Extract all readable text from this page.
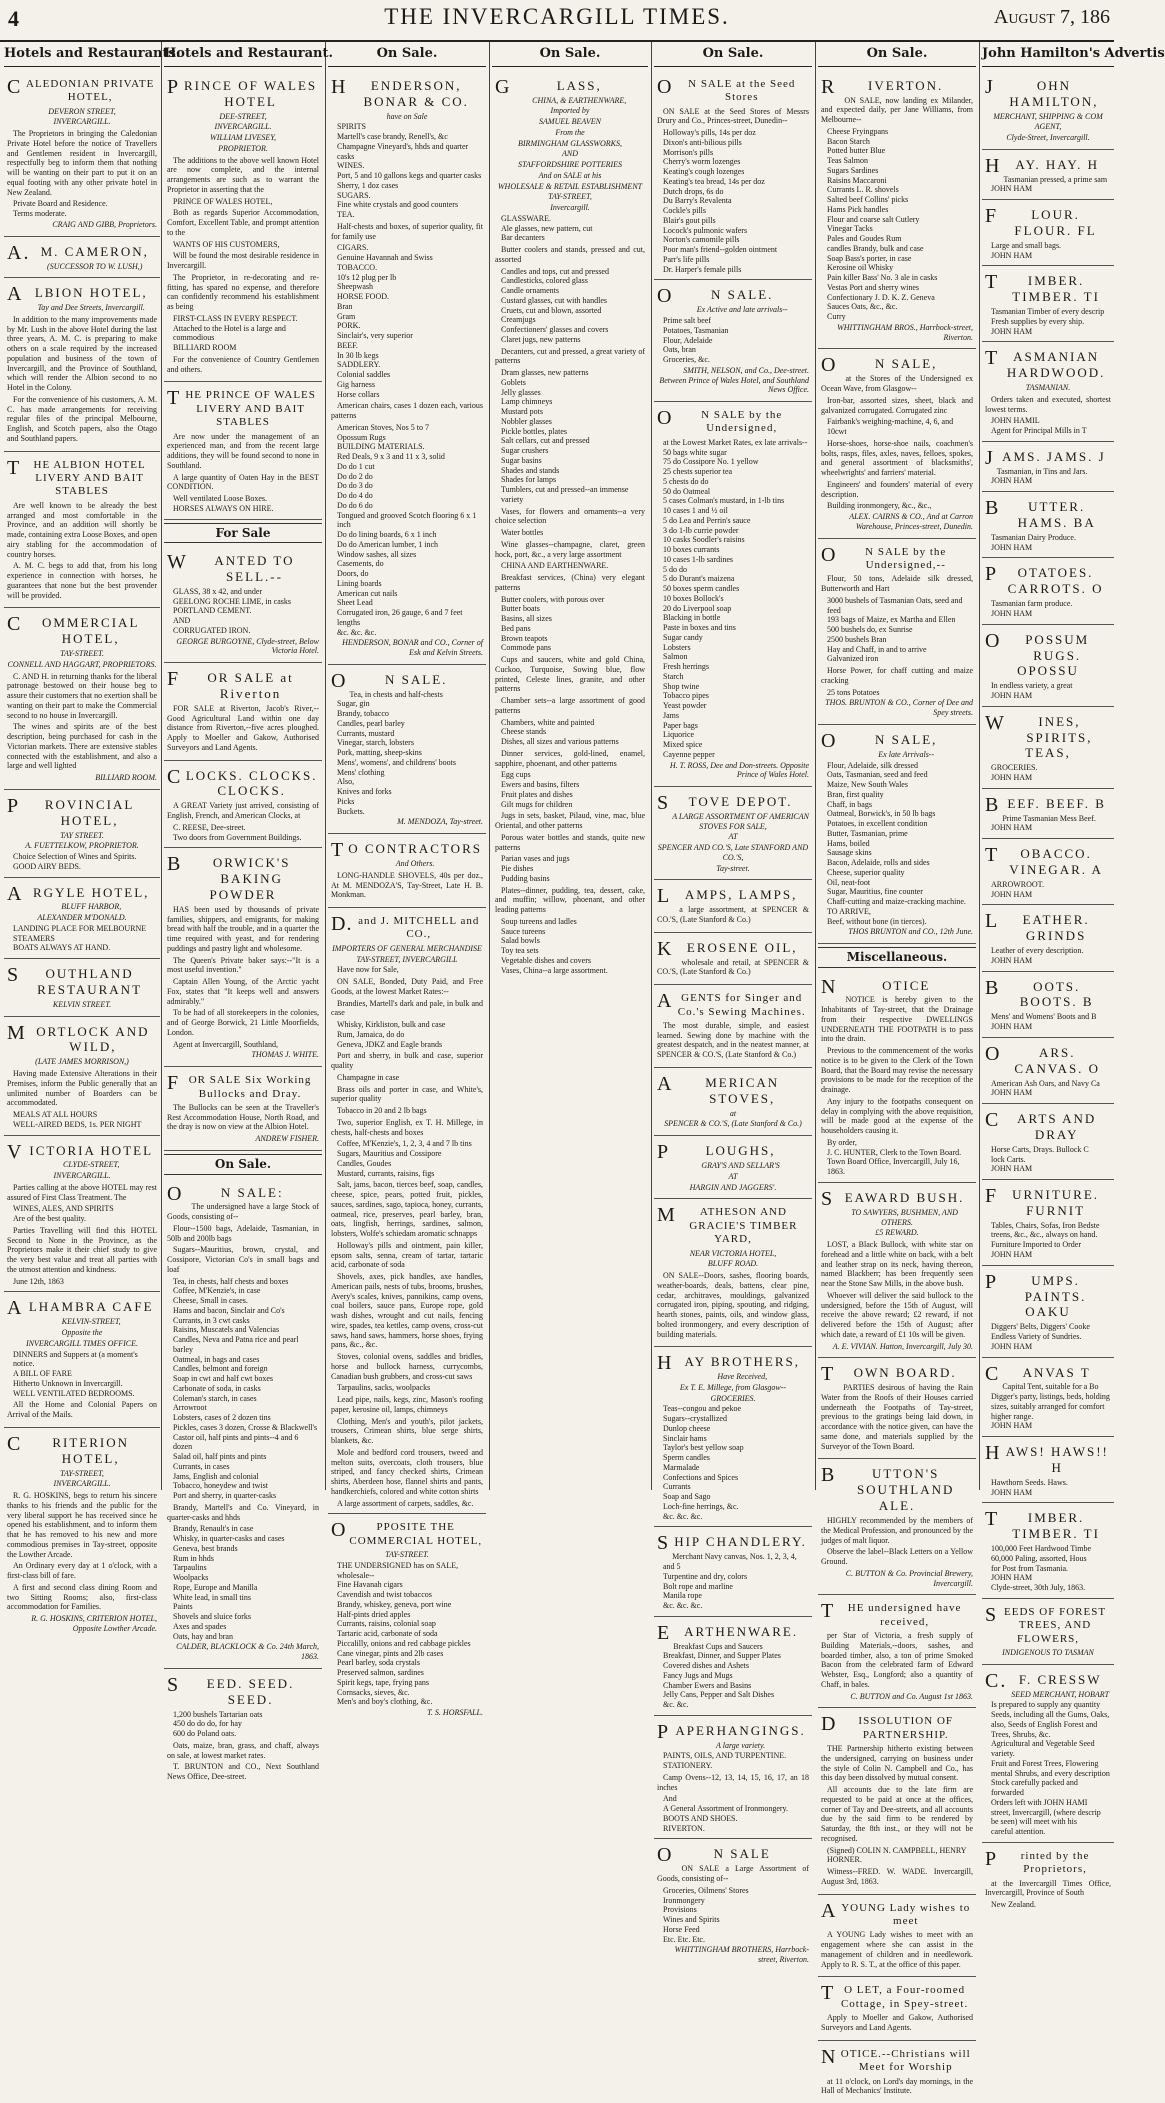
4	THE INVERCARGILL TIMES.	August 7, 186
Hotels and Restaurants.
CALEDONIAN PRIVATE HOTEL,
DEVERON STREET,
INVERCARGILL.
The Proprietors in bringing the Caledonian Private Hotel before the notice of Travellers and Gentlemen resident in Invercargill, respectfully beg to inform them that nothing will be wanting on their part to put it on an equal footing with any other private hotel in New Zealand.
Private Board and Residence.
Terms moderate.
CRAIG AND GIBB, Proprietors.
A.M. CAMERON,
(SUCCESSOR TO W. LUSH,)
ALBION HOTEL,
Tay and Dee Streets, Invercargill.
In addition to the many improvements made by Mr. Lush in the above Hotel during the last three years, A. M. C. is preparing to make others on a scale required by the increased population and business of the town of Invercargill, and the Province of Southland, which will render the Albion second to no Hotel in the Colony.
For the convenience of his customers, A. M. C. has made arrangements for receiving regular files of the principal Melbourne, English, and Scotch papers, also the Otago and Southland papers.
THE ALBION HOTEL LIVERY AND BAIT STABLES
Are well known to be already the best arranged and most comfortable in the Province, and an addition will shortly be made, containing extra Loose Boxes, and open airy stabling for the accommodation of country horses.
A. M. C. begs to add that, from his long experience in connection with horses, he guarantees that none but the best provender will be provided.
COMMERCIAL HOTEL,
TAY-STREET.
CONNELL AND HAGGART, PROPRIETORS.
C. AND H. in returning thanks for the liberal patronage bestowed on their house beg to assure their customers that no exertion shall be wanting on their part to make the Commercial second to no house in Invercargill.
The wines and spirits are of the best description, being purchased for cash in the Victorian markets. There are extensive stables connected with the establishment, and also a large and well lighted
BILLIARD ROOM.
PROVINCIAL HOTEL,
TAY STREET.
A. FUETTELKOW, PROPRIETOR.
Choice Selection of Wines and Spirits.
GOOD AIRY BEDS.
ARGYLE HOTEL,
BLUFF HARBOR,
ALEXANDER M'DONALD.
LANDING PLACE FOR MELBOURNE STEAMERS
BOATS ALWAYS AT HAND.
SOUTHLAND RESTAURANT
KELVIN STREET.
MORTLOCK AND WILD,
(LATE JAMES MORRISON,)
Having made Extensive Alterations in their Premises, inform the Public generally that an unlimited number of Boarders can be accommodated.
MEALS AT ALL HOURS
WELL-AIRED BEDS, 1s. PER NIGHT
VICTORIA HOTEL
CLYDE-STREET,
INVERCARGILL.
Parties calling at the above HOTEL may rest assured of First Class Treatment. The
WINES, ALES, AND SPIRITS
Are of the best quality.
Parties Travelling will find this HOTEL Second to None in the Province, as the Proprietors make it their chief study to give the very best value and treat all parties with the utmost attention and kindness.
June 12th, 1863
ALHAMBRA CAFE
KELVIN-STREET,
Opposite the
INVERCARGILL TIMES OFFICE.
DINNERS and Suppers at (a moment's notice.
A BILL OF FARE
Hitherto Unknown in Invercargill.
WELL VENTILATED BEDROOMS.
All the Home and Colonial Papers on Arrival of the Mails.
CRITERION HOTEL,
TAY-STREET,
INVERCARGILL.
R. G. HOSKINS, begs to return his sincere thanks to his friends and the public for the very liberal support he has received since he opened his establishment, and to inform them that he has removed to his new and more commodious premises in Tay-street, opposite the Lowther Arcade.
An Ordinary every day at 1 o'clock, with a first-class bill of fare.
A first and second class dining Room and two Sitting Rooms; also, first-class accommodation for Families.
R. G. HOSKINS, CRITERION HOTEL, Opposite Lowther Arcade.
Hotels and Restaurant.
PRINCE OF WALES HOTEL
DEE-STREET,
INVERCARGILL.
WILLIAM LIVESEY,
PROPRIETOR.
The additions to the above well known Hotel are now complete, and the internal arrangements are such as to warrant the Proprietor in asserting that the
PRINCE OF WALES HOTEL,
Both as regards Superior Accommodation, Comfort, Excellent Table, and prompt attention to the
WANTS OF HIS CUSTOMERS,
Will be found the most desirable residence in Invercargill.
The Proprietor, in re-decorating and re-fitting, has spared no expense, and therefore can confidently recommend his establishment as being
FIRST-CLASS IN EVERY RESPECT.
Attached to the Hotel is a large and commodious
BILLIARD ROOM
For the convenience of Country Gentlemen and others.
THE PRINCE OF WALES LIVERY AND BAIT STABLES
Are now under the management of an experienced man, and from the recent large additions, they will be found second to none in Southland.
A large quantity of Oaten Hay in the BEST CONDITION.
Well ventilated Loose Boxes.
HORSES ALWAYS ON HIRE.
For Sale
WANTED TO SELL.--
GLASS, 38 x 42, and under
GEELONG ROCHE LIME, in casks
PORTLAND CEMENT.
AND
CORRUGATED IRON.
GEORGE BURGOYNE, Clyde-street, Below Victoria Hotel.
FOR SALE at Riverton
FOR SALE at Riverton, Jacob's River,--Good Agricultural Land within one day distance from Riverton,--five acres ploughed. Apply to Moeller and Gakow, Authorised Surveyors and Land Agents.
CLOCKS. CLOCKS. CLOCKS.
A GREAT Variety just arrived, consisting of English, French, and American Clocks, at
C. REESE, Dee-street.
Two doors from Government Buildings.
BORWICK'S BAKING POWDER
HAS been used by thousands of private families, shippers, and emigrants, for making bread with half the trouble, and in a quarter the time required with yeast, and for rendering puddings and pastry light and wholesome.
The Queen's Private baker says:--"It is a most useful invention."
Captain Allen Young, of the Arctic yacht Fox, states that "It keeps well and answers admirably."
To be had of all storekeepers in the colonies, and of George Borwick, 21 Little Moorfields, London.
Agent at Invercargill, Southland,
THOMAS J. WHITE.
FOR SALE Six Working Bullocks and Dray.
The Bullocks can be seen at the Traveller's Rest Accommodation House, North Road, and the dray is now on view at the Albion Hotel.
ANDREW FISHER.
On Sale.
ON SALE:
The undersigned have a large Stock of Goods, consisting of--
Flour--1500 bags, Adelaide, Tasmanian, in 50lb and 200lb bags
Sugars--Mauritius, brown, crystal, and Cossipore, Victorian Co's in small bags and loaf
Tea, in chests, half chests and boxes
Coffee, M'Kenzie's, in case
Cheese, Small in cases.
Hams and bacon, Sinclair and Co's
Currants, in 3 cwt casks
Raisins, Muscatels and Valencias
Candles, Neva and Patna rice and pearl barley
Oatmeal, in bags and cases
Candles, belmont and foreign
Soap in cwt and half cwt boxes
Carbonate of soda, in casks
Coleman's starch, in cases
Arrowroot
Lobsters, cases of 2 dozen tins
Pickles, cases 3 dozen, Crosse & Blackwell's
Castor oil, half pints and pints--4 and 6 dozen
Salad oil, half pints and pints
Currants, in cases
Jams, English and colonial
Tobacco, honeydew and twist
Port and sherry, in quarter-casks
Brandy, Martell's and Co. Vineyard, in quarter-casks and hhds
Brandy, Renault's in case
Whisky, in quarter-casks and cases
Geneva, best brands
Rum in hhds
Tarpaulins
Woolpacks
Rope, Europe and Manilla
White lead, in small tins
Paints
Shovels and sluice forks
Axes and spades
Oats, hay and bran
CALDER, BLACKLOCK & Co. 24th March, 1863.
SEED. SEED. SEED.
1,200 bushels Tartarian oats
450 do do do, for hay
600 do Poland oats.
Oats, maize, bran, grass, and chaff, always on sale, at lowest market rates.
T. BRUNTON and CO., Next Southland News Office, Dee-street.
On Sale.
HENDERSON, BONAR & CO.
have on Sale
SPIRITS
Martell's case brandy, Renell's, &c
Champagne Vineyard's, hhds and quarter casks
WINES.
Port, 5 and 10 gallons kegs and quarter casks
Sherry, 1 doz cases
SUGARS.
Fine white crystals and good counters
TEA.
Half-chests and boxes, of superior quality, fit for family use
CIGARS.
Genuine Havannah and Swiss
TOBACCO.
10's 12 plug per lb
Sheepwash
HORSE FOOD.
Bran
Gram
PORK.
Sinclair's, very superior
BEEF.
In 30 lb kegs
SADDLERY.
Colonial saddles
Gig harness
Horse collars
American chairs, cases 1 dozen each, various patterns
American Stoves, Nos 5 to 7
Opossum Rugs
BUILDING MATERIALS.
Red Deals, 9 x 3 and 11 x 3, solid
Do do 1 cut
Do do 2 do
Do do 3 do
Do do 4 do
Do do 6 do
Tongued and grooved Scotch flooring 6 x 1 inch
Do do lining boards, 6 x 1 inch
Do do American lumber, 1 inch
Window sashes, all sizes
Casements, do
Doors, do
Lining boards
American cut nails
Sheet Lead
Corrugated iron, 26 gauge, 6 and 7 feet lengths
&c. &c. &c.
HENDERSON, BONAR and CO., Corner of Esk and Kelvin Streets.
ON SALE.
Tea, in chests and half-chests
Sugar, gin
Brandy, tobacco
Candles, pearl barley
Currants, mustard
Vinegar, starch, lobsters
Pork, matting, sheep-skins
Mens', womens', and childrens' boots
Mens' clothing
Also,
Knives and forks
Picks
Buckets.
M. MENDOZA, Tay-street.
TO CONTRACTORS
And Others.
LONG-HANDLE SHOVELS, 40s per doz., At M. MENDOZA'S, Tay-Street, Late H. B. Monkman.
D.and J. MITCHELL and CO.,
IMPORTERS OF GENERAL MERCHANDISE
TAY-STREET, INVERCARGILL
Have now for Sale,
ON SALE, Bonded, Duty Paid, and Free Goods, at the lowest Market Rates:--
Brandies, Martell's dark and pale, in bulk and case
Whisky, Kirkliston, bulk and case
Rum, Jamaica, do do
Geneva, JDKZ and Eagle brands
Port and sherry, in bulk and case, superior quality
Champagne in case
Brass oils and porter in case, and White's, superior quality
Tobacco in 20 and 2 lb bags
Two, superior English, ex T. H. Millege, in chests, half-chests and boxes
Coffee, M'Kenzie's, 1, 2, 3, 4 and 7 lb tins
Sugars, Mauritius and Cossipore
Candles, Goudes
Mustard, currants, raisins, figs
Salt, jams, bacon, tierces beef, soap, candles, cheese, spice, pears, potted fruit, pickles, sauces, sardines, sago, tapioca, honey, currants, oatmeal, rice, preserves, pearl barley, bran, oats, lingfish, herrings, sardines, salmon, lobsters, Wolfe's schiedam aromatic schnapps
Holloway's pills and ointment, pain killer, epsom salts, senna, cream of tartar, tartaric acid, carbonate of soda
Shovels, axes, pick handles, axe handles, American pails, nests of tubs, brooms, brushes, Avery's scales, knives, pannikins, camp ovens, coal boilers, sauce pans, Europe rope, gold wash dishes, wrought and cut nails, fencing wire, spades, tea kettles, camp ovens, cross-cut saws, hand saws, hammers, horse shoes, frying pans, &c., &c.
Stoves, colonial ovens, saddles and bridles, horse and bullock harness, currycombs, Canadian bush grubbers, and cross-cut saws
Tarpaulins, sacks, woolpacks
Lead pipe, nails, kegs, zinc, Mason's roofing paper, kerosine oil, lamps, chimneys
Clothing, Men's and youth's, pilot jackets, trousers, Crimean shirts, blue serge shirts, blankets, &c.
Mole and bedford cord trousers, tweed and melton suits, overcoats, cloth trousers, blue striped, and fancy checked shirts, Crimean shirts, Aberdeen hose, flannel shirts and pants, handkerchiefs, colored and white cotton shirts
A large assortment of carpets, saddles, &c.
OPPOSITE THE COMMERCIAL HOTEL,
TAY-STREET.
THE UNDERSIGNED has on SALE, wholesale--
Fine Havanah cigars
Cavendish and twist tobaccos
Brandy, whiskey, geneva, port wine
Half-pints dried apples
Currants, raisins, colonial soap
Tartaric acid, carbonate of soda
Piccalilly, onions and red cabbage pickles
Cane vinegar, pints and 2lb cases
Pearl barley, soda crystals
Preserved salmon, sardines
Spirit kegs, tape, frying pans
Cornsacks, sieves, &c.
Men's and boy's clothing, &c.
T. S. HORSFALL.
On Sale.
GLASS,
CHINA, & EARTHENWARE,
Imported by
SAMUEL BEAVEN
From the
BIRMINGHAM GLASSWORKS,
AND
STAFFORDSHIRE POTTERIES
And on SALE at his
WHOLESALE & RETAIL ESTABLISHMENT
TAY-STREET,
Invercargill.
GLASSWARE.
Ale glasses, new pattern, cut
Bar decanters
Butter coolers and stands, pressed and cut, assorted
Candles and tops, cut and pressed
Candlesticks, colored glass
Candle ornaments
Custard glasses, cut with handles
Cruets, cut and blown, assorted
Creamjugs
Confectioners' glasses and covers
Claret jugs, new patterns
Decanters, cut and pressed, a great variety of patterns
Dram glasses, new patterns
Goblets
Jelly glasses
Lamp chimneys
Mustard pots
Nobbler glasses
Pickle bottles, plates
Salt cellars, cut and pressed
Sugar crushers
Sugar basins
Shades and stands
Shades for lamps
Tumblers, cut and pressed--an immense variety
Vases, for flowers and ornaments--a very choice selection
Water bottles
Wine glasses--champagne, claret, green hock, port, &c., a very large assortment
CHINA AND EARTHENWARE.
Breakfast services, (China) very elegant patterns
Butter coolers, with porous over
Butter boats
Basins, all sizes
Bed pans
Brown teapots
Commode pans
Cups and saucers, white and gold China, Cuckoo, Turquoise, Sowing blue, flow printed, Celeste lines, granite, and other patterns
Chamber sets--a large assortment of good patterns
Chambers, white and painted
Cheese stands
Dishes, all sizes and various patterns
Dinner services, gold-lined, enamel, sapphire, phoenant, and other patterns
Egg cups
Ewers and basins, filters
Fruit plates and dishes
Gilt mugs for children
Jugs in sets, basket, Pilaud, vine, mac, blue Oriental, and other patterns
Porous water bottles and stands, quite new patterns
Parian vases and jugs
Pie dishes
Pudding basins
Plates--dinner, pudding, tea, dessert, cake, and muffin; willow, phoenant, and other leading patterns
Soup tureens and ladles
Sauce tureens
Salad bowls
Toy tea sets
Vegetable dishes and covers
Vases, China--a large assortment.
On Sale.
ON SALE at the Seed Stores
ON SALE at the Seed Stores of Messrs Drury and Co., Princes-street, Dunedin--
Holloway's pills, 14s per doz
Dixon's anti-bilious pills
Morrison's pills
Cherry's worm lozenges
Keating's cough lozenges
Keating's tea bread, 14s per doz
Dutch drops, 6s do
Du Barry's Revalenta
Cockle's pills
Blair's gout pills
Locock's pulmonic wafers
Norton's camomile pills
Poor man's friend--golden ointment
Parr's life pills
Dr. Harper's female pills
ON SALE.
Ex Active and late arrivals--
Prime salt beef
Potatoes, Tasmanian
Flour, Adelaide
Oats, bran
Groceries, &c.
SMITH, NELSON, and Co., Dee-street. Between Prince of Wales Hotel, and Southland News Office.
ON SALE by the Undersigned,
at the Lowest Market Rates, ex late arrivals--
50 bags white sugar
75 do Cossipore No. 1 yellow
25 chests superior tea
5 chests do do
50 do Oatmeal
5 cases Colman's mustard, in 1-lb tins
10 cases 1 and ½ oil
5 do Lea and Perrin's sauce
3 do 1-lb currie powder
10 casks Soodler's raisins
10 boxes currants
10 cases 1-lb sardines
5 do do
5 do Durant's maizena
50 boxes sperm candles
10 boxes Bollock's
20 do Liverpool soap
Blacking in bottle
Paste in boxes and tins
Sugar candy
Lobsters
Salmon
Fresh herrings
Starch
Shop twine
Tobacco pipes
Yeast powder
Jams
Paper bags
Liquorice
Mixed spice
Cayenne pepper
H. T. ROSS, Dee and Don-streets. Opposite Prince of Wales Hotel.
STOVE DEPOT.
A LARGE ASSORTMENT OF AMERICAN STOVES FOR SALE,
AT
SPENCER AND CO.'S, Late STANFORD AND CO.'S,
Tay-street.
LAMPS, LAMPS,
a large assortment, at SPENCER & CO.'S, (Late Stanford & Co.)
KEROSENE OIL,
wholesale and retail, at SPENCER & CO.'S, (Late Stanford & Co.)
AGENTS for Singer and Co.'s Sewing Machines.
The most durable, simple, and easiest learned. Sewing done by machine with the greatest despatch, and in the neatest manner, at SPENCER & CO.'S, (Late Stanford & Co.)
AMERICAN STOVES,
at
SPENCER & CO.'S, (Late Stanford & Co.)
PLOUGHS,
GRAY'S AND SELLAR'S
AT
HARGIN AND JAGGERS'.
MATHESON AND GRACIE'S TIMBER YARD,
NEAR VICTORIA HOTEL,
BLUFF ROAD.
ON SALE--Doors, sashes, flooring boards, weather-boards, deals, battens, clear pine, cedar, architraves, mouldings, galvanized corrugated iron, piping, spouting, and ridging, hearth stones, paints, oils, and window glass, bolted ironmongery, and every description of building materials.
HAY BROTHERS,
Have Received,
Ex T. E. Millege, from Glasgow--
GROCERIES.
Teas--congou and pekoe
Sugars--crystallized
Dunlop cheese
Sinclair hams
Taylor's best yellow soap
Sperm candles
Marmalade
Confections and Spices
Currants
Soap and Sago
Loch-fine herrings, &c.
&c. &c. &c.
SHIP CHANDLERY.
Merchant Navy canvas, Nos. 1, 2, 3, 4, and 5
Turpentine and dry, colors
Bolt rope and marline
Manila rope
&c. &c. &c.
EARTHENWARE.
Breakfast Cups and Saucers
Breakfast, Dinner, and Supper Plates
Covered dishes and Ashets
Fancy Jugs and Mugs
Chamber Ewers and Basins
Jelly Cans, Pepper and Salt Dishes
&c. &c.
PAPERHANGINGS.
A large variety.
PAINTS, OILS, AND TURPENTINE.
STATIONERY.
Camp Ovens--12, 13, 14, 15, 16, 17, an 18 inches
And
A General Assortment of Ironmongery.
BOOTS AND SHOES.
RIVERTON.
ON SALE
ON SALE a Large Assortment of Goods, consisting of--
Groceries, Oilmens' Stores
Ironmongery
Provisions
Wines and Spirits
Horse Feed
Etc. Etc. Etc.
WHITTINGHAM BROTHERS, Harrbock-street, Riverton.
On Sale.
RIVERTON.
ON SALE, now landing ex Milander, and expected daily, per Jane Williams, from Melbourne--
Cheese Fryingpans
Bacon Starch
Potted butter Blue
Teas Salmon
Sugars Sardines
Raisins Maccaroni
Currants L. R. shovels
Salted beef Collins' picks
Hams Pick handles
Flour and coarse salt Cutlery
Vinegar Tacks
Pales and Goudes Rum
candles Brandy, bulk and case
Soap Bass's porter, in case
Kerosine oil Whisky
Pain killer Bass' No. 3 ale in casks
Vestas Port and sherry wines
Confectionary J. D. K. Z. Geneva
Sauces Oats, &c., &c.
Curry
WHITTINGHAM BROS., Harrbock-street, Riverton.
ON SALE,
at the Stores of the Undersigned ex Ocean Wave, from Glasgow--
Iron-bar, assorted sizes, sheet, black and galvanized corrugated. Corrugated zinc
Fairbank's weighing-machine, 4, 6, and 10cwt
Horse-shoes, horse-shoe nails, coachmen's bolts, rasps, files, axles, naves, felloes, spokes, and general assortment of blacksmiths', wheelwrights' and farriers' material.
Engineers' and founders' material of every description.
Building ironmongery, &c., &c.,
ALEX. CAIRNS & CO., And at Carron Warehouse, Princes-street, Dunedin.
ON SALE by the Undersigned,--
Flour, 50 tons, Adelaide silk dressed, Butterworth and Hart
3000 bushels of Tasmanian Oats, seed and feed
193 bags of Maize, ex Martha and Ellen
500 bushels do, ex Sunrise
2500 bushels Bran
Hay and Chaff, in and to arrive
Galvanized iron
Horse Power, for chaff cutting and maize cracking
25 tons Potatoes
THOS. BRUNTON & CO., Corner of Dee and Spey streets.
ON SALE,
Ex late Arrivals--
Flour, Adelaide, silk dressed
Oats, Tasmanian, seed and feed
Maize, New South Wales
Bran, first quality
Chaff, in bags
Oatmeal, Borwick's, in 50 lb bags
Potatoes, in excellent condition
Butter, Tasmanian, prime
Hams, boiled
Sausage skins
Bacon, Adelaide, rolls and sides
Cheese, superior quality
Oil, neat-foot
Sugar, Mauritius, fine counter
Chaff-cutting and maize-cracking machine.
TO ARRIVE,
Beef, without bone (in tierces).
THOS BRUNTON and CO., 12th June.
Miscellaneous.
NOTICE
NOTICE is hereby given to the Inhabitants of Tay-street, that the Drainage from their respective DWELLINGS UNDERNEATH THE FOOTPATH is to pass into the drain.
Previous to the commencement of the works notice is to be given to the Clerk of the Town Board, that the Board may revise the necessary provisions to be made for the reception of the drainage.
Any injury to the footpaths consequent on delay in complying with the above requisition, will be made good at the expense of the householders causing it.
By order,
J. C. HUNTER, Clerk to the Town Board.
Town Board Office, Invercargill, July 16, 1863.
SEAWARD BUSH.
TO SAWYERS, BUSHMEN, AND OTHERS.
£5 REWARD.
LOST, a Black Bullock, with white star on forehead and a little white on back, with a belt and leather strap on its neck, having thereon, named Blackberr; has been frequently seen near the Stone Saw Mills, in the above bush.
Whoever will deliver the said bullock to the undersigned, before the 15th of August, will receive the above reward; £2 reward, if not delivered before the 15th of August; after which date, a reward of £1 10s will be given.
A. E. VIVIAN. Hatton, Invercargill, July 30.
TOWN BOARD.
PARTIES desirous of having the Rain Water from the Roofs of their Houses carried underneath the Footpaths of Tay-street, previous to the gratings being laid down, in accordance with the notice given, can have the same done, and materials supplied by the Surveyor of the Town Board.
BUTTON'S SOUTHLAND ALE.
HIGHLY recommended by the members of the Medical Profession, and pronounced by the judges of malt liquor.
Observe the label--Black Letters on a Yellow Ground.
C. BUTTON & Co. Provincial Brewery, Invercargill.
THE undersigned have received,
per Star of Victoria, a fresh supply of Building Materials,--doors, sashes, and boarded timber, also, a ton of prime Smoked Bacon from the celebrated farm of Edward Webster, Esq., Longford; also a quantity of Chaff, in bales.
C. BUTTON and Co. August 1st 1863.
DISSOLUTION OF PARTNERSHIP.
THE Partnership hitherto existing between the undersigned, carrying on business under the style of Colin N. Campbell and Co., has this day been dissolved by mutual consent.
All accounts due to the late firm are requested to be paid at once at the offices, corner of Tay and Dee-streets, and all accounts due by the said firm to be rendered by Saturday, the 8th inst., or they will not be recognised.
(Signed) COLIN N. CAMPBELL, HENRY HORNER.
Witness--FRED. W. WADE. Invercargill, August 3rd, 1863.
AYOUNG Lady wishes to meet
A YOUNG Lady wishes to meet with an engagement where she can assist in the management of children and in needlework. Apply to R. S. T., at the office of this paper.
TO LET, a Four-roomed Cottage, in Spey-street.
Apply to Moeller and Gakow, Authorised Surveyors and Land Agents.
NOTICE.--Christians will Meet for Worship
at 11 o'clock, on Lord's day mornings, in the Hall of Mechanics' Institute.
John Hamilton's Advertis
JOHN HAMILTON,
MERCHANT, SHIPPING & COM
AGENT,
Clyde-Street, Invercargill.
HAY. HAY. H
Tasmanian pressed, a prime sam
JOHN HAM
FLOUR. FLOUR. FL
Large and small bags.
JOHN HAM
TIMBER. TIMBER. TI
Tasmanian Timber of every descrip
Fresh supplies by every ship.
JOHN HAM
TASMANIAN HARDWOOD.
TASMANIAN.
Orders taken and executed, shortest lowest terms.
JOHN HAMIL
Agent for Principal Mills in T
JAMS. JAMS. J
Tasmanian, in Tins and Jars.
JOHN HAM
BUTTER. HAMS. BA
Tasmanian Dairy Produce.
JOHN HAM
POTATOES. CARROTS. O
Tasmanian farm produce.
JOHN HAM
OPOSSUM RUGS. OPOSSU
In endless variety, a great
JOHN HAM
WINES, SPIRITS, TEAS,
GROCERIES.
JOHN HAM
BEEF. BEEF. B
Prime Tasmanian Mess Beef.
JOHN HAM
TOBACCO. VINEGAR. A
ARROWROOT.
JOHN HAM
LEATHER. GRINDS
Leather of every description.
JOHN HAM
BOOTS. BOOTS. B
Mens' and Womens' Boots and B
JOHN HAM
OARS. CANVAS. O
American Ash Oars, and Navy Ca
JOHN HAM
CARTS AND DRAY
Horse Carts, Drays. Bullock C
lock Carts.
JOHN HAM
FURNITURE. FURNIT
Tables, Chairs, Sofas, Iron Bedste
treens, &c., &c., always on hand.
Furniture Imported to Order
JOHN HAM
PUMPS. PAINTS. OAKU
Diggers' Belts, Diggers' Cooke
Endless Variety of Sundries.
JOHN HAM
CANVAS T
Capital Tent, suitable for a Bo
Digger's party, listings, beds, holding
sizes, suitably arranged for comfort
higher range.
JOHN HAM
HAWS! HAWS!! H
Hawthorn Seeds. Haws.
JOHN HAM
TIMBER. TIMBER. TI
100,000 Feet Hardwood Timbe
60,000 Paling, assorted, Hous
for Post from Tasmania.
JOHN HAM
Clyde-street, 30th July, 1863.
SEEDS OF FOREST TREES, AND FLOWERS,
INDIGENOUS TO TASMAN
C.F. CRESSW
SEED MERCHANT, HOBART
Is prepared to supply any quantity
Seeds, including all the Gums, Oaks,
also, Seeds of English Forest and
Trees, Shrubs, &c.
Agricultural and Vegetable Seed
variety.
Fruit and Forest Trees, Flowering
mental Shrubs, and every description
Stock carefully packed and forwarded
Orders left with JOHN HAMI
street, Invercargill, (where descrip
be seen) will meet with his
careful attention.
Printed by the Proprietors,
at the Invercargill Times Office, Invercargill, Province of South
New Zealand.
